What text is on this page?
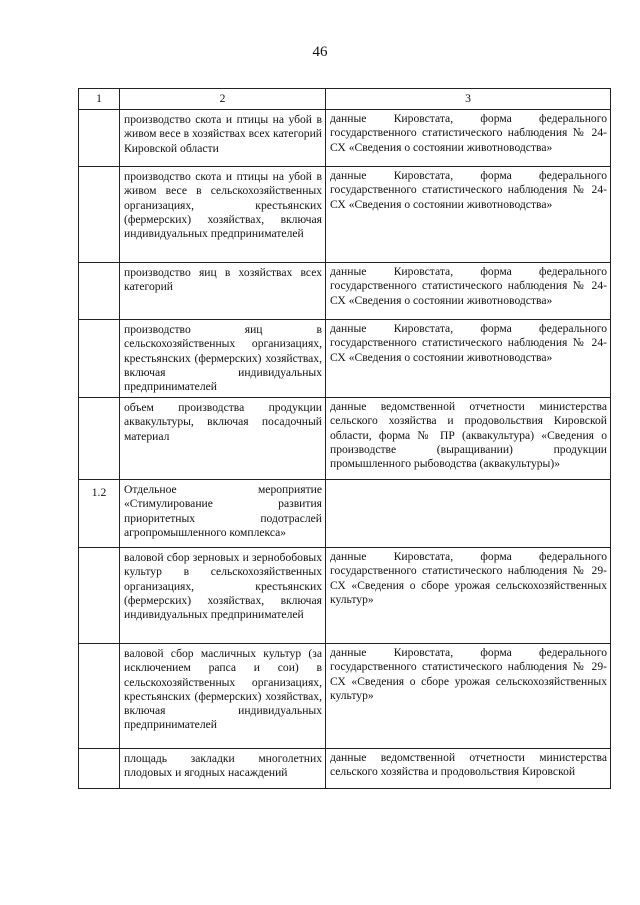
46
1	2	3
	производство скота и птицы на убой в живом весе в хозяйствах всех категорий Кировской области	данные Кировстата, форма федерального государственного статистического наблюдения № 24-СХ «Сведения о состоянии животноводства»
	производство скота и птицы на убой в живом весе в сельскохозяйственных организациях, крестьянских (фермерских) хозяйствах, включая индивидуальных предпринимателей	данные Кировстата, форма федерального государственного статистического наблюдения № 24-СХ «Сведения о состоянии животноводства»
	производство яиц в хозяйствах всех категорий	данные Кировстата, форма федерального государственного статистического наблюдения № 24-СХ «Сведения о состоянии животноводства»
	производство яиц в сельскохозяйственных организациях, крестьянских (фермерских) хозяйствах, включая индивидуальных предпринимателей	данные Кировстата, форма федерального государственного статистического наблюдения № 24-СХ «Сведения о состоянии животноводства»
	объем производства продукции аквакультуры, включая посадочный материал	данные ведомственной отчетности министерства сельского хозяйства и продовольствия Кировской области, форма № ПР (аквакультура) «Сведения о производстве (выращивании) продукции промышленного рыбоводства (аквакультуры)»
1.2	Отдельное мероприятие «Стимулирование развития приоритетных подотраслей агропромышленного комплекса»	
	валовой сбор зерновых и зернобобовых культур в сельскохозяйственных организациях, крестьянских (фермерских) хозяйствах, включая индивидуальных предпринимателей	данные Кировстата, форма федерального государственного статистического наблюдения № 29-СХ «Сведения о сборе урожая сельскохозяйственных культур»
	валовой сбор масличных культур (за исключением рапса и сои) в сельскохозяйственных организациях, крестьянских (фермерских) хозяйствах, включая индивидуальных предпринимателей	данные Кировстата, форма федерального государственного статистического наблюдения № 29-СХ «Сведения о сборе урожая сельскохозяйственных культур»
	площадь закладки многолетних плодовых и ягодных насаждений	данные ведомственной отчетности министерства сельского хозяйства и продовольствия Кировской
